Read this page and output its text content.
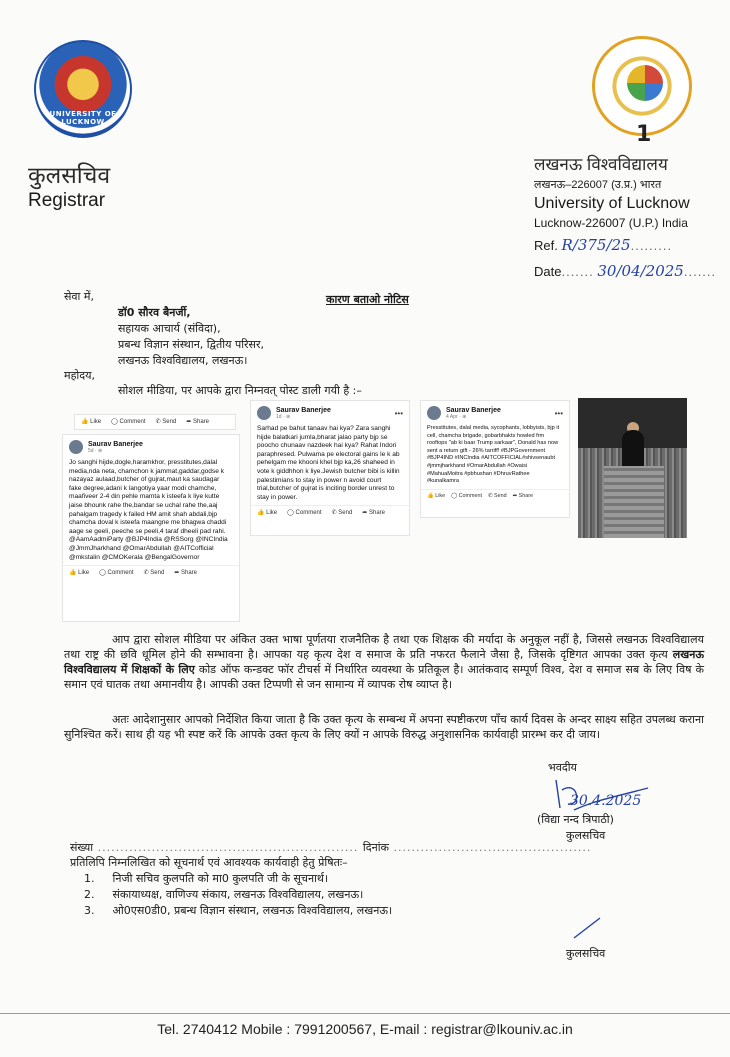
UNIVERSITY OF LUCKNOW	1
कुलसचिव
Registrar
लखनऊ विश्वविद्यालय
लखनऊ–226007 (उ.प्र.) भारत
University of Lucknow
Lucknow-226007 (U.P.) India
Ref. R/375/25.........
Date....... 30/04/2025.......
सेवा में,	कारण बताओ नोटिस
डॉ0 सौरव बैनर्जी,
सहायक आचार्य (संविदा),
प्रबन्ध विज्ञान संस्थान, द्वितीय परिसर,
लखनऊ विश्वविद्यालय, लखनऊ।
महोदय,
सोशल मीडिया, पर आपके द्वारा निम्नवत् पोस्ट डाली गयी है :–
👍 Like ◯ Comment ✆ Send ➦ Share
Saurav Banerjee
5d · ⊕
Jo sanghi hijde,dogle,haramkhor, presstitutes,dalal media,nda neta, chamchon k jammat,gaddar,godse k nazayaz aulaad,butcher of gujrat,maut ka saudagar fake degree,adani k langotiya yaar modi chamche, maafiveer 2-4 din pehle mamta k isteefa k liye kutte jaise bhounk rahe the,bandar se uchal rahe the,aaj pahalgam tragedy k failed HM amit shah abdali,bjp chamcha doval k isteefa maangne me bhagwa chaddi aage se geeli, peeche se peeli,4 taraf dheeli pad rahi. @AamAadmiParty @BJP4India @RSSorg @INCIndia @JmmJharkhand @OmarAbdullah @AITCofficial @mkstalin @CMOKerala @BengalGovernor
👍 Like ◯ Comment ✆ Send ➦ Share
Saurav Banerjee
1d · ⊕	•••
Sarhad pe bahut tanaav hai kya? Zara sanghi hijde balatkari jumla,bharat jalao party bjp se poocho chunaav nazdeek hai kya? Rahat Indori paraphresed. Pulwama pe electoral gains le k ab pehelgam me khooni khel bjp ka,26 shaheed in vote k giddhhon k liye.Jewish butcher bibi is killin palestimians to stay in power n avoid court trial,butcher of gujrat is inciting border unrest to stay in power.
👍 Like ◯ Comment ✆ Send ➦ Share
Saurav Banerjee
4 Apr · ⊕	•••
Presstitutes, dalal media, sycophants, lobbyists, bjp it cell, chamcha brigade, gobarbhakts howled frm rooftops "ab ki baar Trump sarkaar", Donald has now sent a return gift - 26% tarriff! #BJPGovernment #BJP4IND #INCIndia #AITCOFFICIAL#shivsenaubt #jmmjharkhand #OmarAbdullah #Owaisi #MahuaMoitra #pbhushan #DhruvRathee #kunalkamra
👍 Like ◯ Comment ✆ Send ➦ Share
आप द्वारा सोशल मीडिया पर अंकित उक्त भाषा पूर्णतया राजनैतिक है तथा एक शिक्षक की मर्यादा के अनुकूल नहीं है, जिससे लखनऊ विश्वविद्यालय तथा राष्ट्र की छवि धूमिल होने की सम्भावना है। आपका यह कृत्य देश व समाज के प्रति नफरत फैलाने जैसा है, जिसके दृष्टिगत आपका उक्त कृत्य लखनऊ विश्वविद्यालय में शिक्षकों के लिए कोड ऑफ कन्डक्ट फॉर टीचर्स में निर्धारित व्यवस्था के प्रतिकूल है। आतंकवाद सम्पूर्ण विश्व, देश व समाज सब के लिए विष के समान एवं घातक तथा अमानवीय है। आपकी उक्त टिप्पणी से जन सामान्य में व्यापक रोष व्याप्त है।
अतः आदेशानुसार आपको निर्देशित किया जाता है कि उक्त कृत्य के सम्बन्ध में अपना स्पष्टीकरण पाँच कार्य दिवस के अन्दर साक्ष्य सहित उपलब्ध कराना सुनिश्चित करें। साथ ही यह भी स्पष्ट करें कि आपके उक्त कृत्य के लिए क्यों न आपके विरुद्ध अनुशासनिक कार्यवाही प्रारम्भ कर दी जाय।
भवदीय
30.4.2025
(विद्या नन्द त्रिपाठी)
कुलसचिव
संख्या .......................................................... दिनांक ............................................
प्रतिलिपि निम्नलिखित को सूचनार्थ एवं आवश्यक कार्यवाही हेतु प्रेषितः–
1. निजी सचिव कुलपति को मा0 कुलपति जी के सूचनार्थ।
2. संकायाध्यक्ष, वाणिज्य संकाय, लखनऊ विश्वविद्यालय, लखनऊ।
3. ओ0एस0डी0, प्रबन्ध विज्ञान संस्थान, लखनऊ विश्वविद्यालय, लखनऊ।
कुलसचिव
Tel. 2740412 Mobile : 7991200567, E-mail : registrar@lkouniv.ac.in
